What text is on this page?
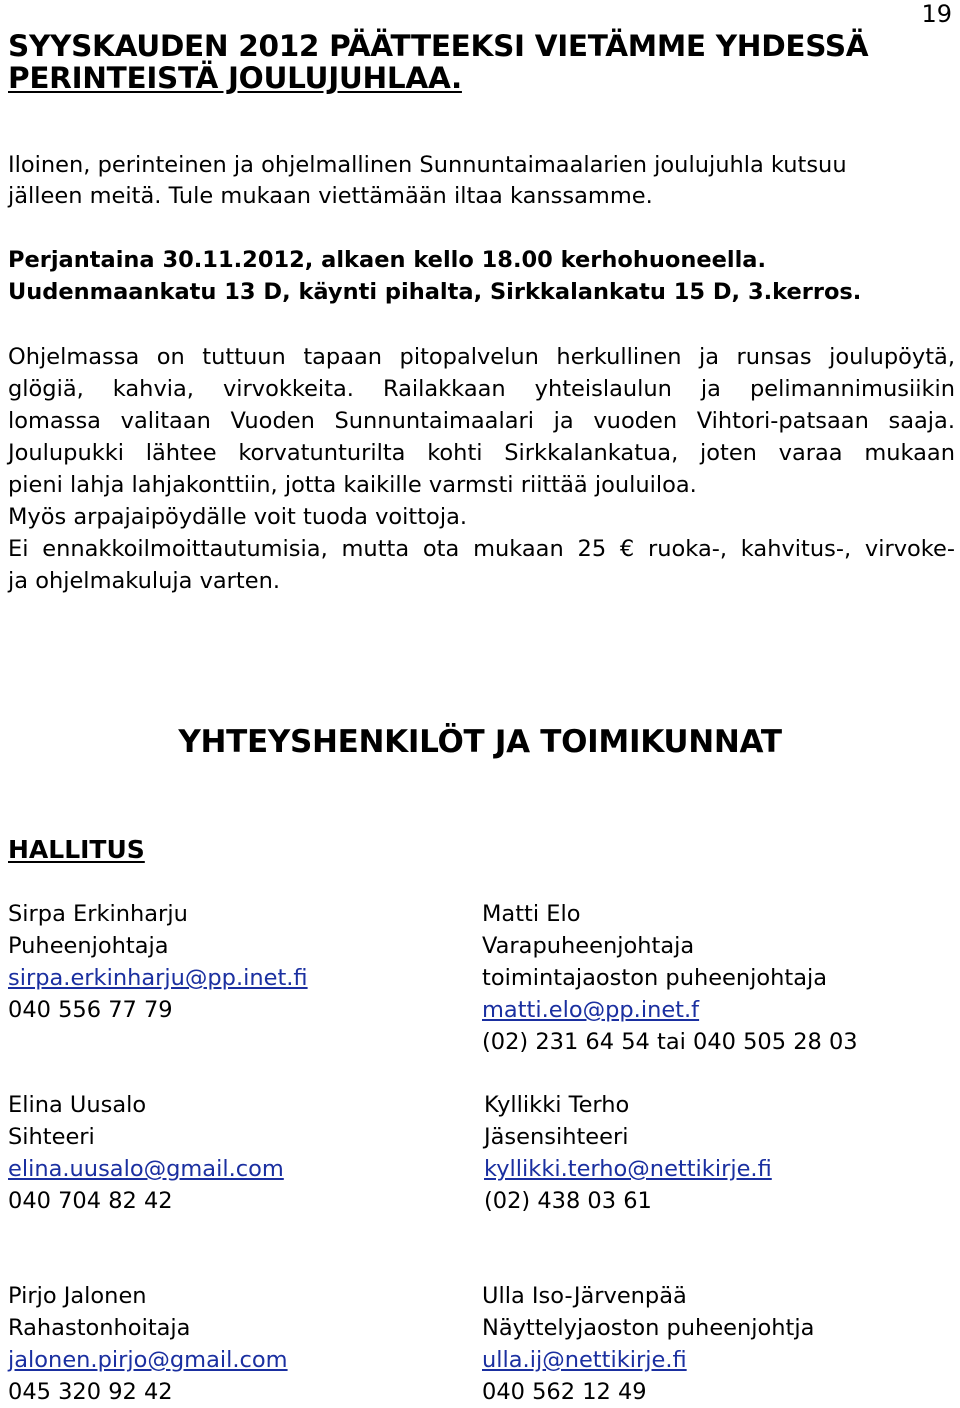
19
SYYSKAUDEN 2012 PÄÄTTEEKSI VIETÄMME YHDESSÄ
PERINTEISTÄ JOULUJUHLAA.

Iloinen, perinteinen ja ohjelmallinen Sunnuntaimaalarien joulujuhla kutsuu
jälleen meitä. Tule mukaan viettämään iltaa kanssamme.

Perjantaina 30.11.2012, alkaen kello 18.00 kerhohuoneella.
Uudenmaankatu 13 D, käynti pihalta, Sirkkalankatu 15 D, 3.kerros.

Ohjelmassa on tuttuun tapaan pitopalvelun herkullinen ja runsas joulupöytä,
glögiä, kahvia, virvokkeita. Railakkaan yhteislaulun ja pelimannimusiikin
lomassa valitaan Vuoden Sunnuntaimaalari ja vuoden Vihtori-patsaan saaja.
Joulupukki lähtee korvatunturilta kohti Sirkkalankatua, joten varaa mukaan
pieni lahja lahjakonttiin, jotta kaikille varmsti riittää jouluiloa.
Myös arpajaipöydälle voit tuoda voittoja.
Ei ennakkoilmoittautumisia, mutta ota mukaan 25 € ruoka-, kahvitus-, virvoke-
ja ohjelmakuluja varten.

YHTEYSHENKILÖT JA TOIMIKUNNAT
HALLITUS
Sirpa Erkinharju
Puheenjohtaja
sirpa.erkinharju@pp.inet.fi
040 556 77 79
Matti Elo
Varapuheenjohtaja
toimintajaoston puheenjohtaja
matti.elo@pp.inet.f
(02) 231 64 54 tai 040 505 28 03
Elina Uusalo
Sihteeri
elina.uusalo@gmail.com
040 704 82 42
Kyllikki Terho
Jäsensihteeri
kyllikki.terho@nettikirje.fi
(02) 438 03 61
Pirjo Jalonen
Rahastonhoitaja
jalonen.pirjo@gmail.com
045 320 92 42
Ulla Iso-Järvenpää
Näyttelyjaoston puheenjohtja
ulla.ij@nettikirje.fi
040 562 12 49
